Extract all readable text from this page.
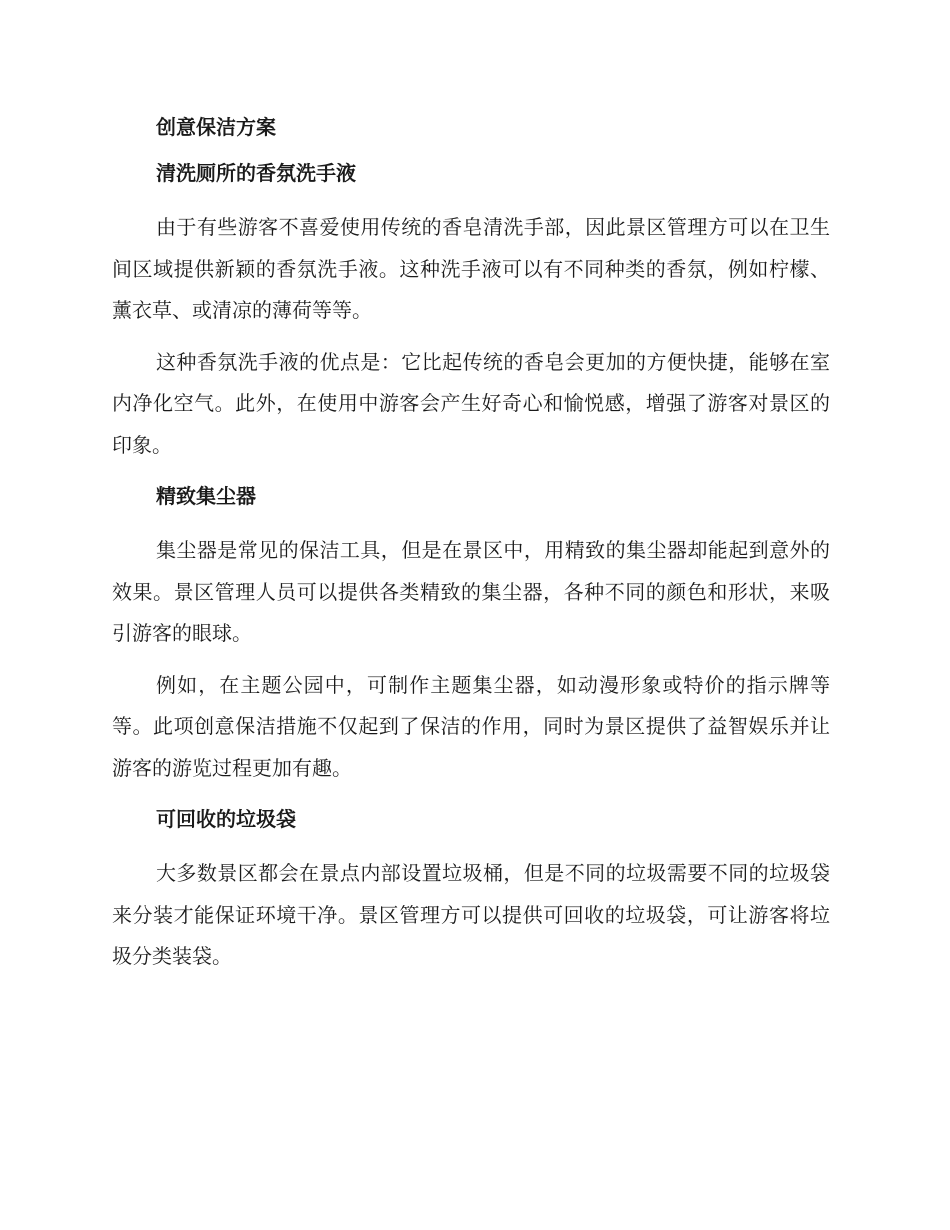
创意保洁方案
清洗厕所的香氛洗手液

由于有些游客不喜爱使用传统的香皂清洗手部，因此景区管理方可以在卫生间区域提供新颖的香氛洗手液。这种洗手液可以有不同种类的香氛，例如柠檬、薰衣草、或清凉的薄荷等等。

这种香氛洗手液的优点是：它比起传统的香皂会更加的方便快捷，能够在室内净化空气。此外，在使用中游客会产生好奇心和愉悦感，增强了游客对景区的印象。

精致集尘器

集尘器是常见的保洁工具，但是在景区中，用精致的集尘器却能起到意外的效果。景区管理人员可以提供各类精致的集尘器，各种不同的颜色和形状，来吸引游客的眼球。

例如，在主题公园中，可制作主题集尘器，如动漫形象或特价的指示牌等等。此项创意保洁措施不仅起到了保洁的作用，同时为景区提供了益智娱乐并让游客的游览过程更加有趣。

可回收的垃圾袋

大多数景区都会在景点内部设置垃圾桶，但是不同的垃圾需要不同的垃圾袋来分装才能保证环境干净。景区管理方可以提供可回收的垃圾袋，可让游客将垃圾分类装袋。
